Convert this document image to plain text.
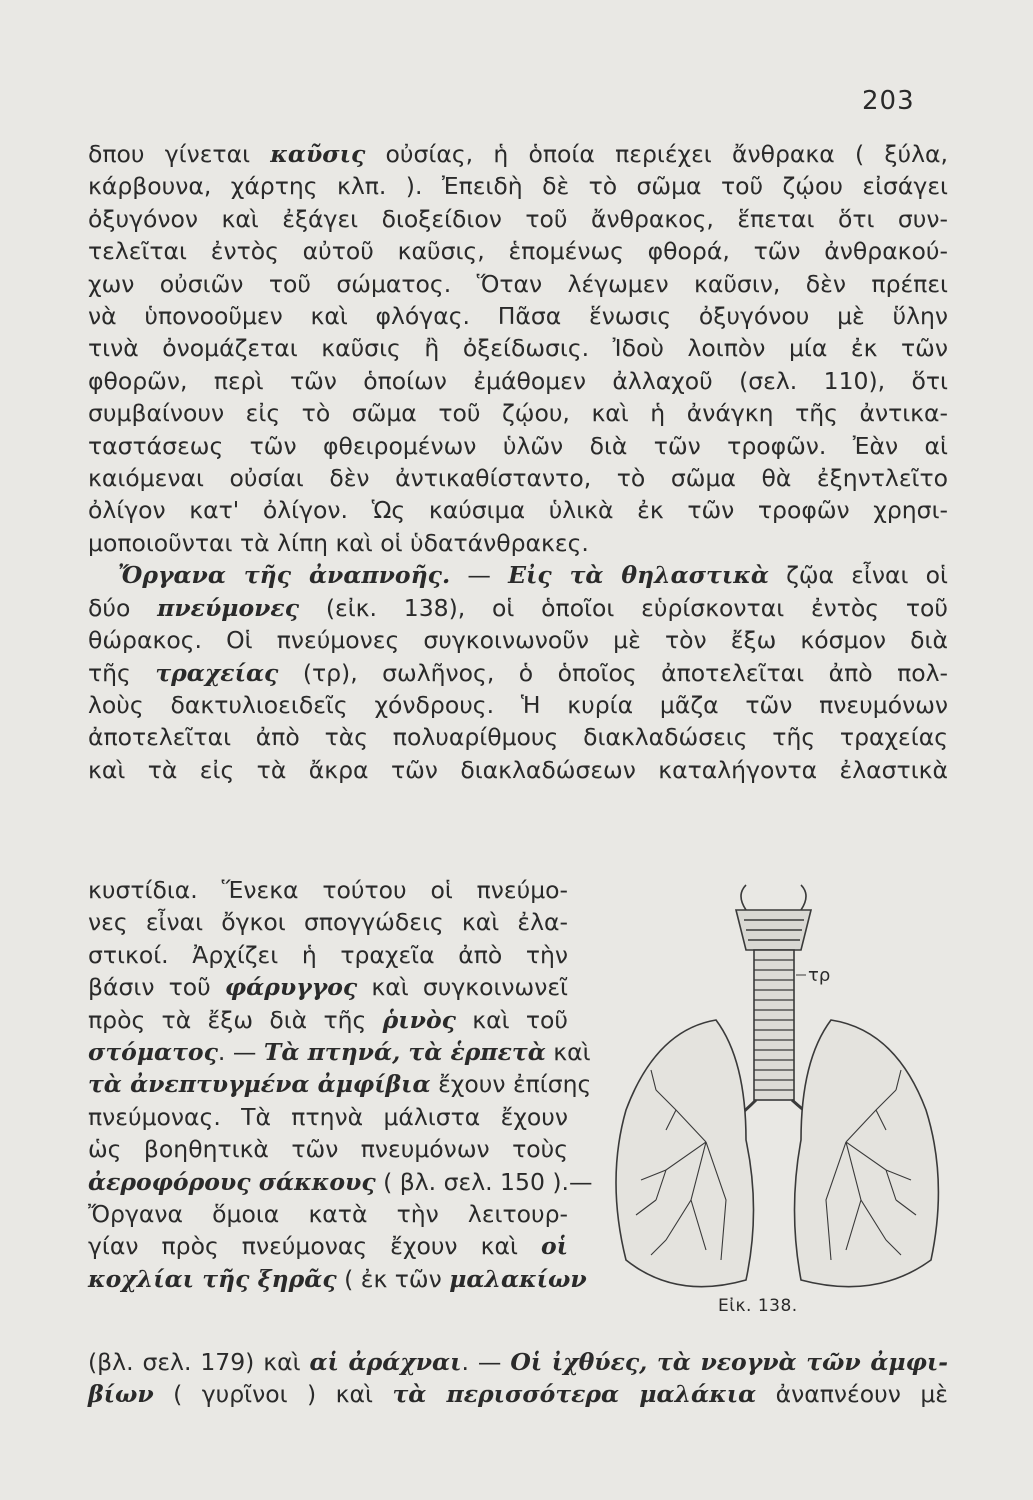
203
δπου γίνεται καῦσις οὐσίας, ἡ ὁποία περιέχει ἄνθρακα ( ξύλα,
κάρβουνα, χάρτης κλπ. ). Ἐπειδὴ δὲ τὸ σῶμα τοῦ ζῴου εἰσάγει
ὀξυγόνον καὶ ἐξάγει διοξείδιον τοῦ ἄνθρακος, ἕπεται ὅτι συν-
τελεῖται ἐντὸς αὐτοῦ καῦσις, ἑπομένως φθορά, τῶν ἀνθρακού-
χων οὐσιῶν τοῦ σώματος. Ὅταν λέγωμεν καῦσιν, δὲν πρέπει
νὰ ὑπονοοῦμεν καὶ φλόγας. Πᾶσα ἕνωσις ὀξυγόνου μὲ ὕλην
τινὰ ὀνομάζεται καῦσις ἢ ὀξείδωσις. Ἰδοὺ λοιπὸν μία ἐκ τῶν
φθορῶν, περὶ τῶν ὁποίων ἐμάθομεν ἀλλαχοῦ (σελ. 110), ὅτι
συμβαίνουν εἰς τὸ σῶμα τοῦ ζῴου, καὶ ἡ ἀνάγκη τῆς ἀντικα-
ταστάσεως τῶν φθειρομένων ὑλῶν διὰ τῶν τροφῶν. Ἐὰν αἱ
καιόμεναι οὐσίαι δὲν ἀντικαθίσταντο, τὸ σῶμα θὰ ἐξηντλεῖτο
ὀλίγον κατ' ὀλίγον. Ὡς καύσιμα ὑλικὰ ἐκ τῶν τροφῶν χρησι-
μοποιοῦνται τὰ λίπη καὶ οἱ ὑδατάνθρακες.
Ὄργανα τῆς ἀναπνοῆς. — Εἰς τὰ θηλαστικὰ ζῷα εἶναι οἱ
δύο πνεύμονες (εἰκ. 138), οἱ ὁποῖοι εὑρίσκονται ἐντὸς τοῦ
θώρακος. Οἱ πνεύμονες συγκοινωνοῦν μὲ τὸν ἔξω κόσμον διὰ
τῆς τραχείας (τρ), σωλῆνος, ὁ ὁποῖος ἀποτελεῖται ἀπὸ πολ-
λοὺς δακτυλιοειδεῖς χόνδρους. Ἡ κυρία μᾶζα τῶν πνευμόνων
ἀποτελεῖται ἀπὸ τὰς πολυαρίθμους διακλαδώσεις τῆς τραχείας
καὶ τὰ εἰς τὰ ἄκρα τῶν διακλαδώσεων καταλήγοντα ἐλαστικὰ
κυστίδια. Ἕνεκα τούτου οἱ πνεύμο-
νες εἶναι ὄγκοι σπογγώδεις καὶ ἐλα-
στικοί. Ἀρχίζει ἡ τραχεῖα ἀπὸ τὴν
βάσιν τοῦ φάρυγγος καὶ συγκοινωνεῖ
πρὸς τὰ ἔξω διὰ τῆς ῥινὸς καὶ τοῦ
στόματος. — Τὰ πτηνά, τὰ ἑρπετὰ καὶ
τὰ ἀνεπτυγμένα ἀμφίβια ἔχουν ἐπίσης
πνεύμονας. Τὰ πτηνὰ μάλιστα ἔχουν
ὡς βοηθητικὰ τῶν πνευμόνων τοὺς
ἀεροφόρους σάκκους ( βλ. σελ. 150 ).—
Ὄργανα ὅμοια κατὰ τὴν λειτουρ-
γίαν πρὸς πνεύμονας ἔχουν καὶ οἱ
κοχλίαι τῆς ξηρᾶς ( ἐκ τῶν μαλακίων
(βλ. σελ. 179) καὶ αἱ ἀράχναι. — Οἱ ἰχθύες, τὰ νεογνὰ τῶν ἀμφι-
βίων ( γυρῖνοι ) καὶ τὰ περισσότερα μαλάκια ἀναπνέουν μὲ
τρ
Εἰκ. 138.
